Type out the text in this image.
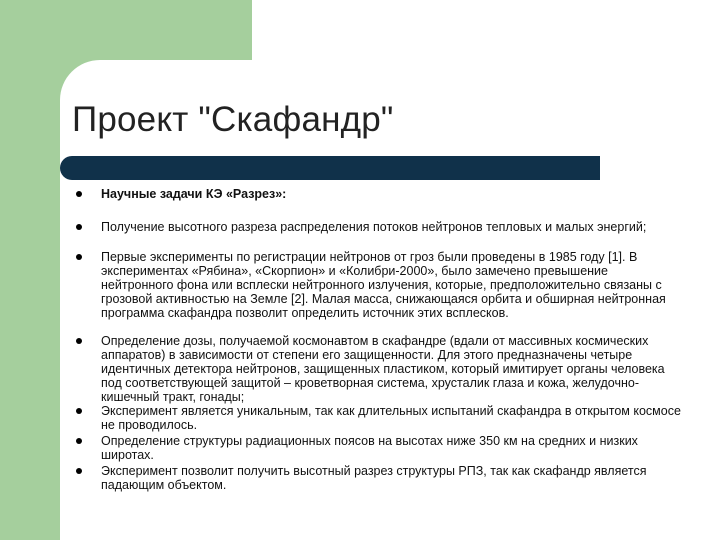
Проект "Скафандр"
Научные задачи КЭ «Разрез»:
Получение высотного разреза распределения потоков нейтронов тепловых и малых энергий;
Первые эксперименты по регистрации нейтронов от гроз были проведены в 1985 году [1]. В экспериментах «Рябина», «Скорпион» и «Колибри-2000», было замечено превышение нейтронного фона или всплески нейтронного излучения, которые, предположительно связаны с грозовой активностью на Земле [2]. Малая масса, снижающаяся орбита и обширная нейтронная программа скафандра позволит определить источник этих всплесков.
Определение дозы, получаемой космонавтом в скафандре (вдали от массивных космических аппаратов) в зависимости от степени его защищенности. Для этого предназначены четыре идентичных детектора нейтронов, защищенных пластиком, который имитирует органы человека под соответствующей защитой – кроветворная система, хрусталик глаза и кожа, желудочно-кишечный тракт, гонады;
Эксперимент является уникальным, так как длительных испытаний скафандра в открытом космосе не проводилось.
Определение структуры радиационных поясов на высотах ниже 350 км на средних и низких широтах.
Эксперимент позволит получить высотный разрез структуры РПЗ, так как скафандр является падающим объектом.
